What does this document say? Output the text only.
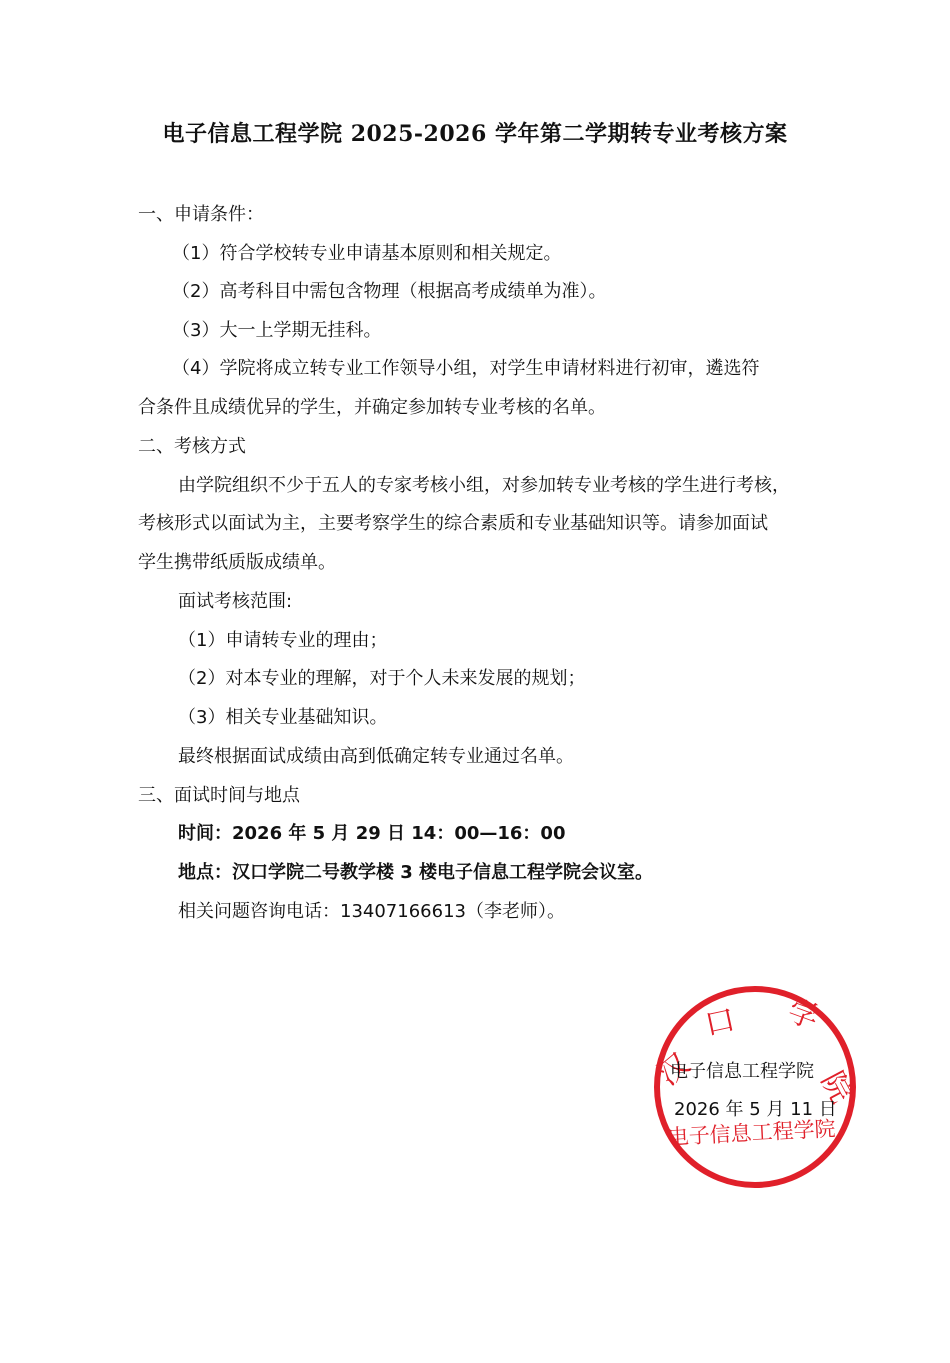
电子信息工程学院 2025-2026 学年第二学期转专业考核方案
一、申请条件：
（1）符合学校转专业申请基本原则和相关规定。
（2）高考科目中需包含物理（根据高考成绩单为准）。
（3）大一上学期无挂科。
（4）学院将成立转专业工作领导小组，对学生申请材料进行初审，遴选符
合条件且成绩优异的学生，并确定参加转专业考核的名单。
二、考核方式
由学院组织不少于五人的专家考核小组，对参加转专业考核的学生进行考核，
考核形式以面试为主，主要考察学生的综合素质和专业基础知识等。请参加面试
学生携带纸质版成绩单。
面试考核范围:
（1）申请转专业的理由；
（2）对本专业的理解，对于个人未来发展的规划；
（3）相关专业基础知识。
最终根据面试成绩由高到低确定转专业通过名单。
三、面试时间与地点
时间：2026 年 5 月 29 日 14：00—16：00
地点：汉口学院二号教学楼 3 楼电子信息工程学院会议室。
相关问题咨询电话：13407166613（李老师）。
汉
口 学
院
电子信息工程学院
电子信息工程学院
2026 年 5 月 11 日
